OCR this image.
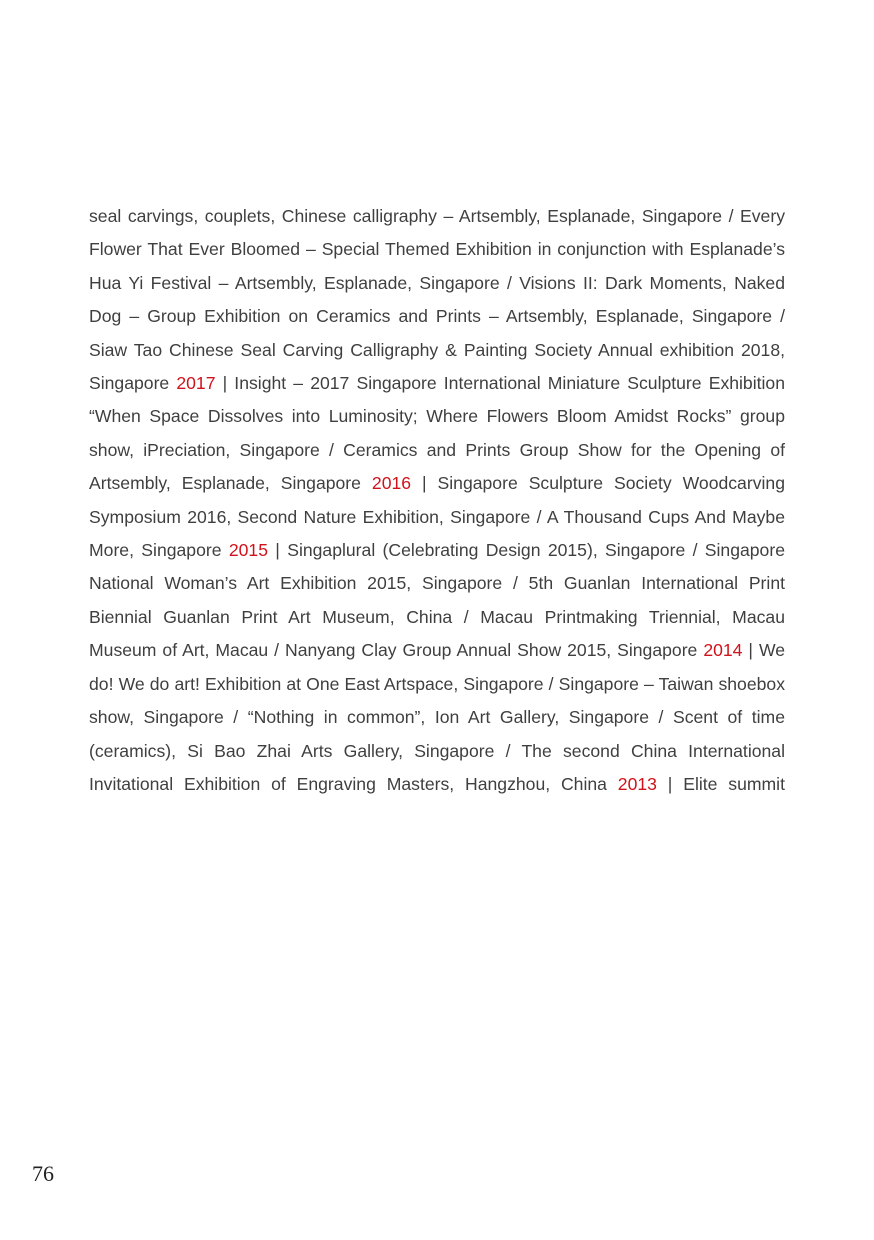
seal carvings, couplets, Chinese calligraphy – Artsembly, Esplanade, Singapore / Every Flower That Ever Bloomed – Special Themed Exhibition in conjunction with Esplanade’s Hua Yi Festival – Artsembly, Esplanade, Singapore / Visions II: Dark Moments, Naked Dog – Group Exhibition on Ceramics and Prints – Artsembly, Esplanade, Singapore / Siaw Tao Chinese Seal Carving Calligraphy & Painting Society Annual exhibition 2018, Singapore 2017 | Insight – 2017 Singapore International Miniature Sculpture Exhibition “When Space Dissolves into Luminosity; Where Flowers Bloom Amidst Rocks” group show, iPreciation, Singapore / Ceramics and Prints Group Show for the Opening of Artsembly, Esplanade, Singapore 2016 | Singapore Sculpture Society Woodcarving Symposium 2016, Second Nature Exhibition, Singapore / A Thousand Cups And Maybe More, Singapore 2015 | Singaplural (Celebrating Design 2015), Singapore / Singapore National Woman’s Art Exhibition 2015, Singapore / 5th Guanlan International Print Biennial Guanlan Print Art Museum, China / Macau Printmaking Triennial, Macau Museum of Art, Macau / Nanyang Clay Group Annual Show 2015, Singapore 2014 | We do! We do art! Exhibition at One East Artspace, Singapore / Singapore – Taiwan shoebox show, Singapore / “Nothing in common”, Ion Art Gallery, Singapore / Scent of time (ceramics), Si Bao Zhai Arts Gallery, Singapore / The second China International Invitational Exhibition of Engraving Masters, Hangzhou, China 2013 | Elite summit

76
